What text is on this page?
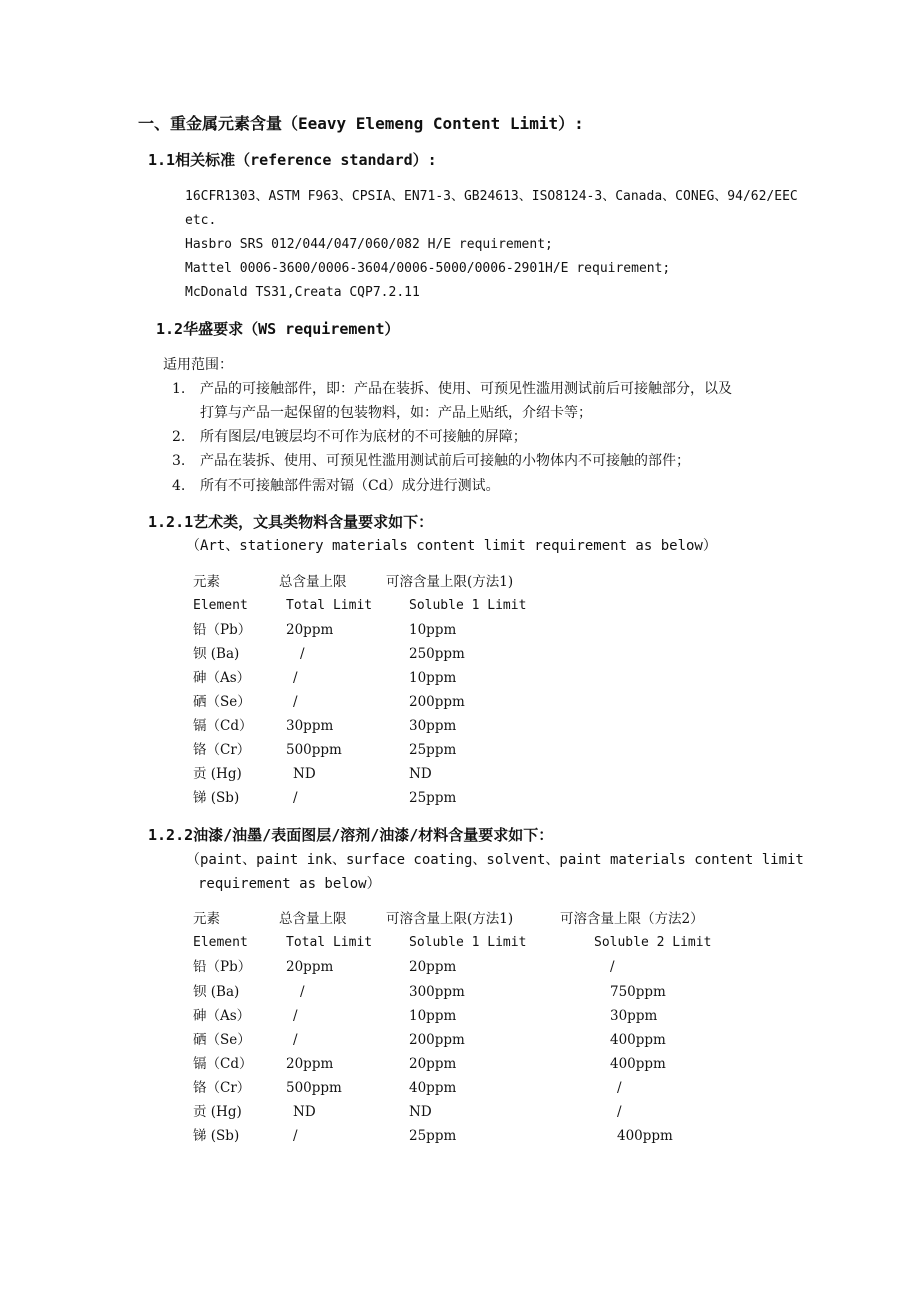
一、重金属元素含量（Eeavy Elemeng Content Limit）:
1.1相关标准（reference standard）:
16CFR1303、ASTM F963、CPSIA、EN71-3、GB24613、ISO8124-3、Canada、CONEG、94/62/EEC
etc.
Hasbro SRS 012/044/047/060/082 H/E requirement;
Mattel 0006-3600/0006-3604/0006-5000/0006-2901H/E requirement;
McDonald TS31,Creata CQP7.2.11
1.2华盛要求（WS requirement）
适用范围：
1. 产品的可接触部件，即：产品在装拆、使用、可预见性滥用测试前后可接触部分，以及
打算与产品一起保留的包装物料，如：产品上贴纸，介绍卡等；
2. 所有图层/电镀层均不可作为底材的不可接触的屏障；
3. 产品在装拆、使用、可预见性滥用测试前后可接触的小物体内不可接触的部件；
4. 所有不可接触部件需对镉（Cd）成分进行测试。
1.2.1艺术类，文具类物料含量要求如下：
（Art、stationery materials content limit requirement as below）
元素	总含量上限	可溶含量上限(方法1)
Element	Total Limit	Soluble 1 Limit
铅（Pb）	20ppm	10ppm
钡 (Ba)	/	250ppm
砷（As）	/	10ppm
硒（Se）	/	200ppm
镉（Cd） 30ppm	30ppm
铬（Cr）	500ppm	25ppm
贡 (Hg)	ND	ND
锑 (Sb)	/	25ppm
1.2.2油漆/油墨/表面图层/溶剂/油漆/材料含量要求如下：
（paint、paint ink、surface coating、solvent、paint materials content limit
requirement as below）
元素	总含量上限	可溶含量上限(方法1)	可溶含量上限（方法2）
Element	Total Limit	Soluble 1 Limit	Soluble 2 Limit
铅（Pb）	20ppm	20ppm	/
钡 (Ba)	/	300ppm	750ppm
砷（As）	/	10ppm	30ppm
硒（Se）	/	200ppm	400ppm
镉（Cd） 20ppm	20ppm	400ppm
铬（Cr）	500ppm	40ppm	/
贡 (Hg)	ND	ND	/
锑 (Sb)	/	25ppm	400ppm
